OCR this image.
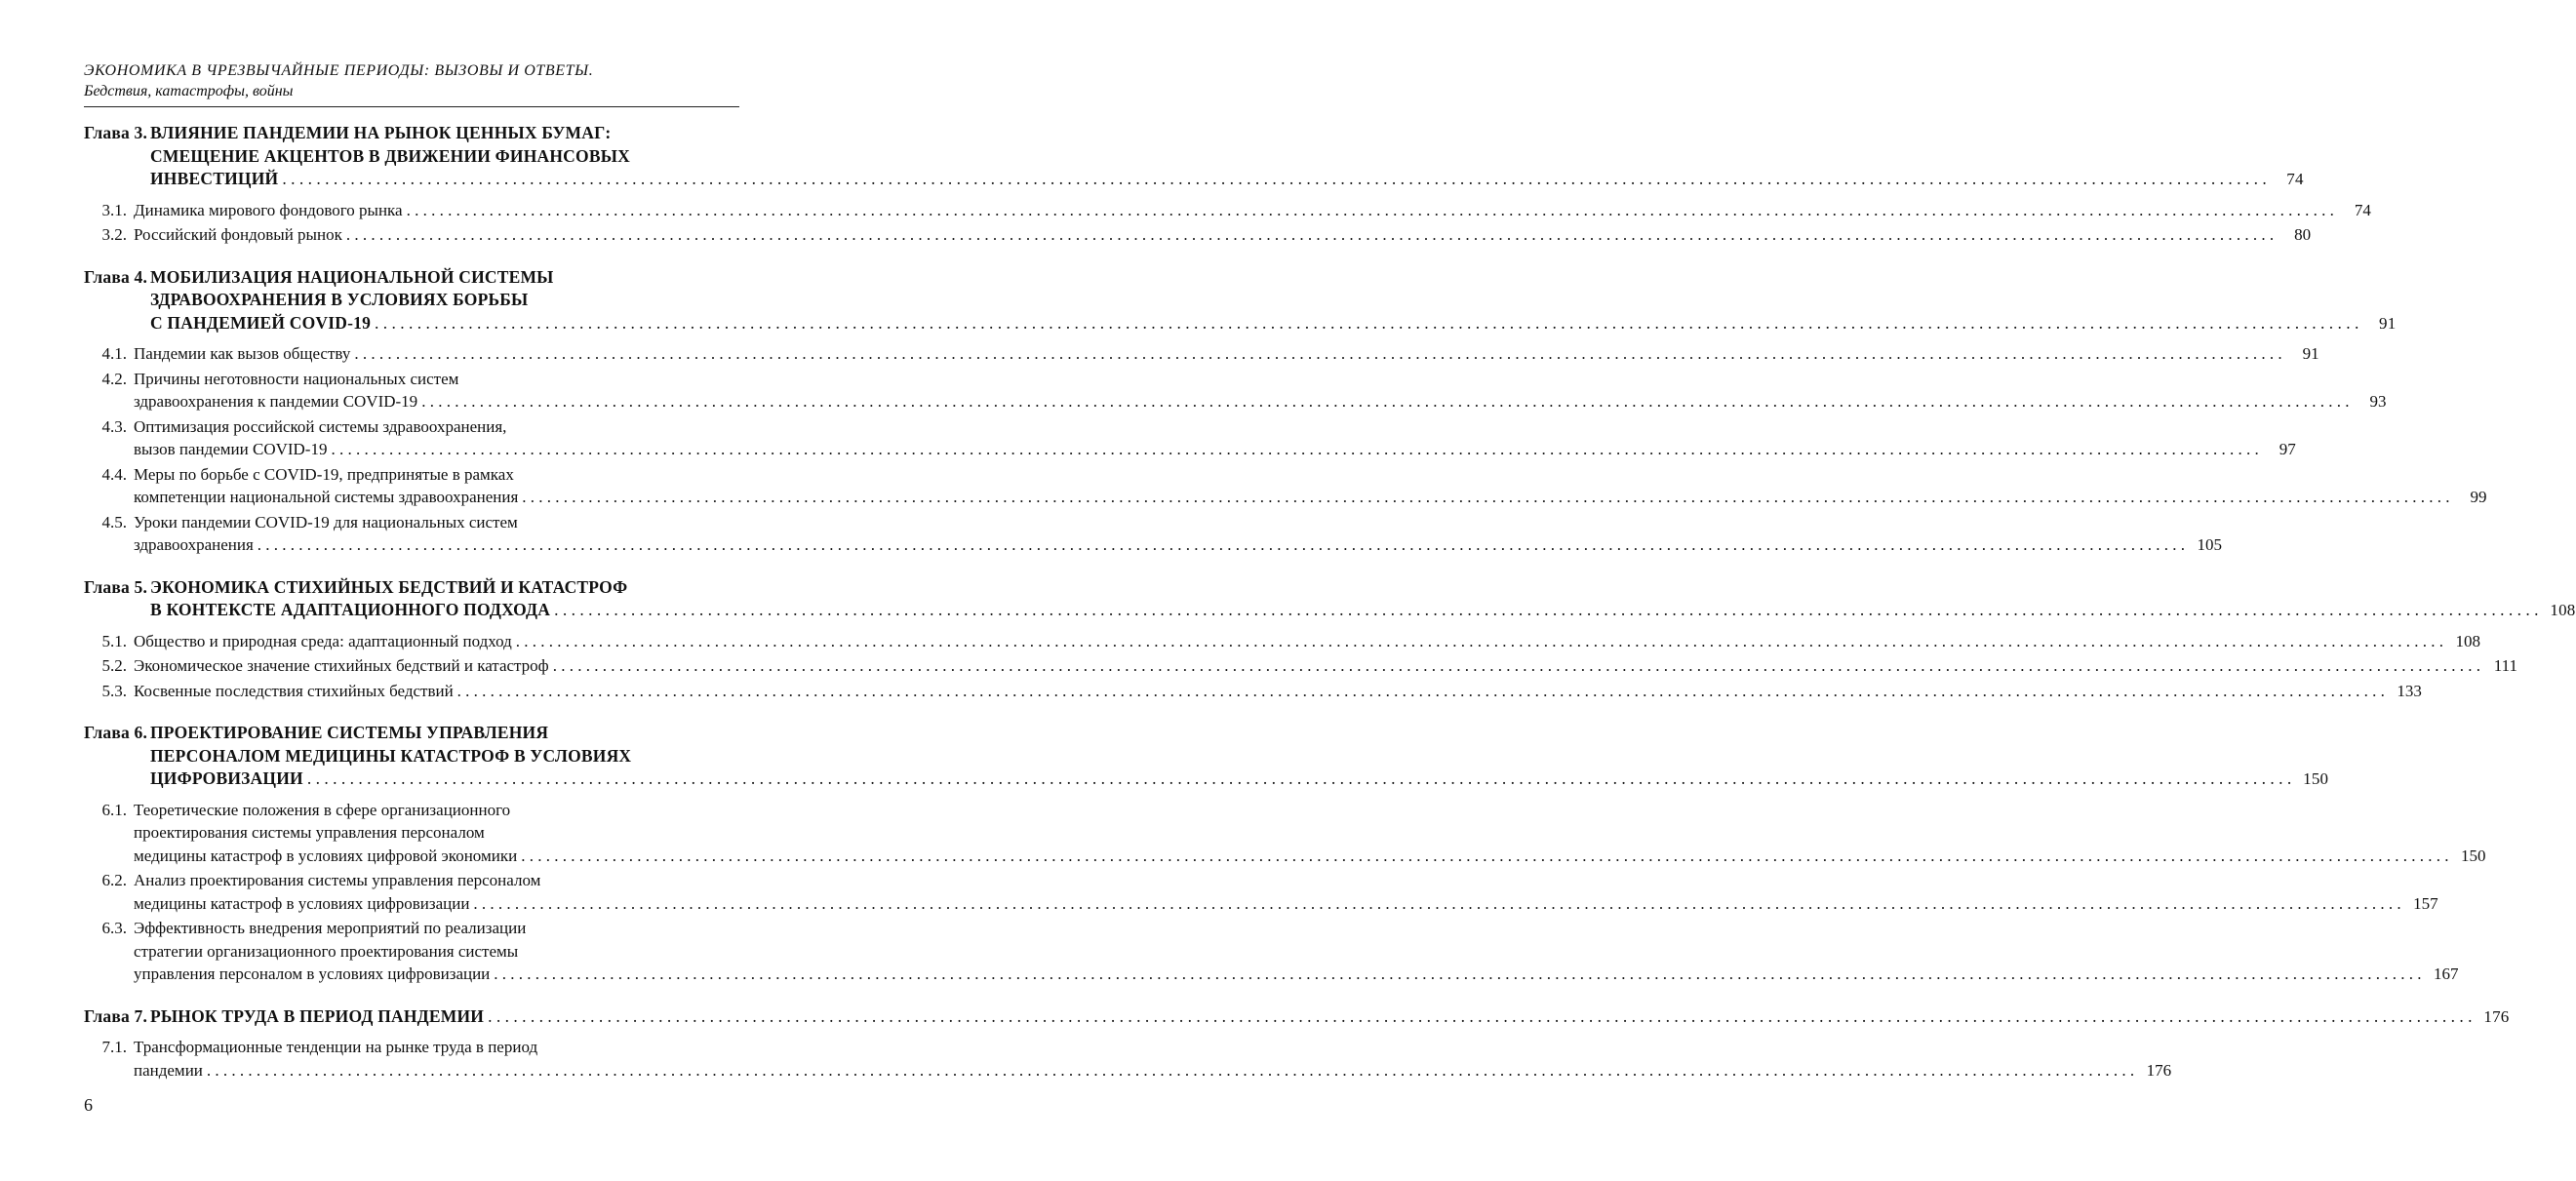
ЭКОНОМИКА В ЧРЕЗВЫЧАЙНЫЕ ПЕРИОДЫ: ВЫЗОВЫ И ОТВЕТЫ.
Бедствия, катастрофы, войны
Глава 3. ВЛИЯНИЕ ПАНДЕМИИ НА РЫНОК ЦЕННЫХ БУМАГ:
СМЕЩЕНИЕ АКЦЕНТОВ В ДВИЖЕНИИ ФИНАНСОВЫХ
ИНВЕСТИЦИЙ . . .	74
3.1. Динамика мирового фондового рынка . . .	74
3.2. Российский фондовый рынок . . .	80
Глава 4. МОБИЛИЗАЦИЯ НАЦИОНАЛЬНОЙ СИСТЕМЫ
ЗДРАВООХРАНЕНИЯ В УСЛОВИЯХ БОРЬБЫ
С ПАНДЕМИЕЙ COVID-19 . . .	91
4.1. Пандемии как вызов обществу . . .	91
4.2. Причины неготовности национальных систем
здравоохранения к пандемии COVID-19 . . .	93
4.3. Оптимизация российской системы здравоохранения,
вызов пандемии COVID-19 . . .	97
4.4. Меры по борьбе с COVID-19, предпринятые в рамках
компетенции национальной системы здравоохранения . . .	99
4.5. Уроки пандемии COVID-19 для национальных систем
здравоохранения . . .	105
Глава 5. ЭКОНОМИКА СТИХИЙНЫХ БЕДСТВИЙ И КАТАСТРОФ
В КОНТЕКСТЕ АДАПТАЦИОННОГО ПОДХОДА . . .	108
5.1. Общество и природная среда: адаптационный подход . . .	108
5.2. Экономическое значение стихийных бедствий и катастроф . . .	111
5.3. Косвенные последствия стихийных бедствий . . .	133
Глава 6. ПРОЕКТИРОВАНИЕ СИСТЕМЫ УПРАВЛЕНИЯ
ПЕРСОНАЛОМ МЕДИЦИНЫ КАТАСТРОФ В УСЛОВИЯХ
ЦИФРОВИЗАЦИИ . . .	150
6.1. Теоретические положения в сфере организационного
проектирования системы управления персоналом
медицины катастроф в условиях цифровой экономики . . .	150
6.2. Анализ проектирования системы управления персоналом
медицины катастроф в условиях цифровизации . . .	157
6.3. Эффективность внедрения мероприятий по реализации
стратегии организационного проектирования системы
управления персоналом в условиях цифровизации . . .	167
Глава 7. РЫНОК ТРУДА В ПЕРИОД ПАНДЕМИИ . . .	176
7.1. Трансформационные тенденции на рынке труда в период
пандемии . . .	176
6
